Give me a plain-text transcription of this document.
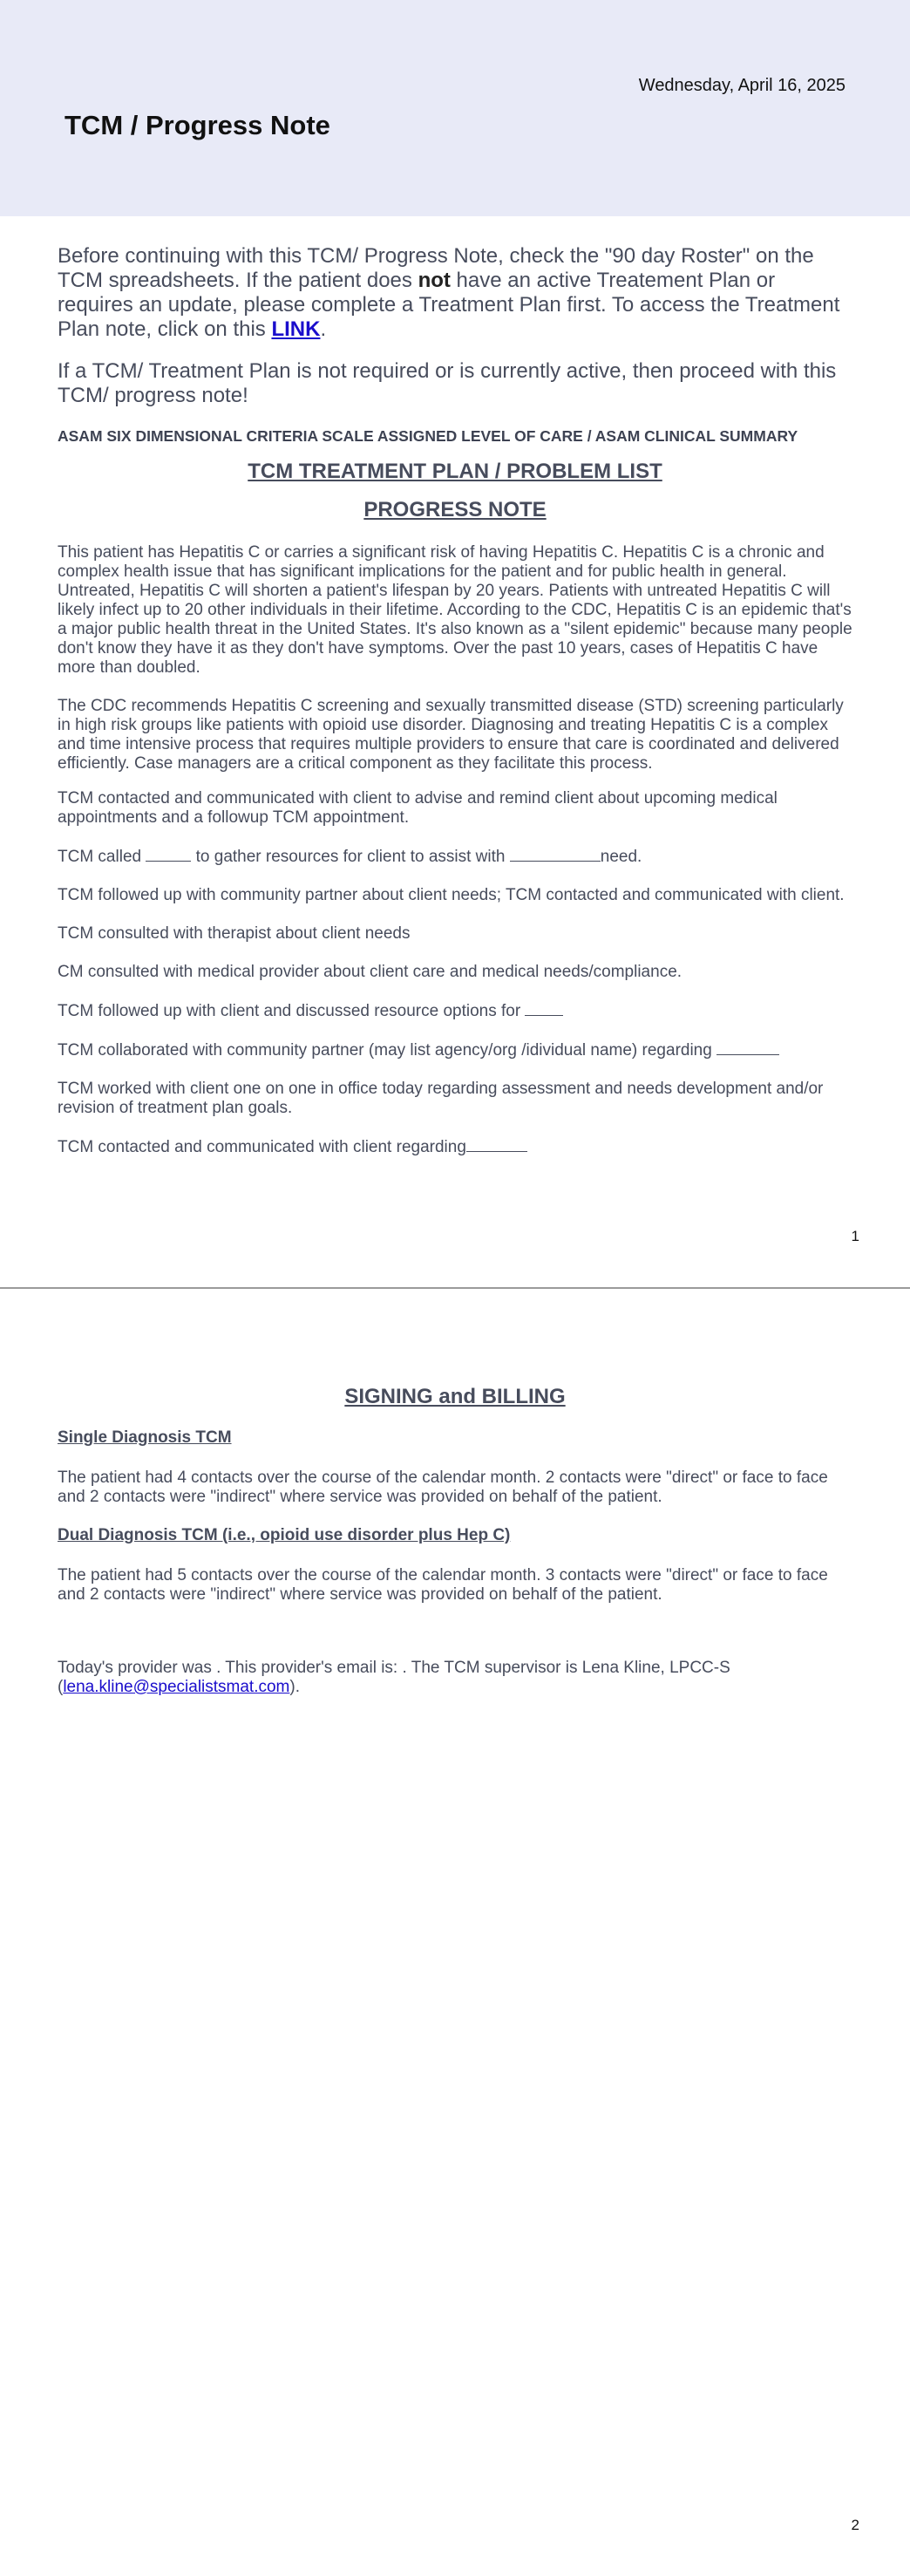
Wednesday, April 16, 2025
TCM / Progress Note

Before continuing with this TCM/ Progress Note, check the "90 day Roster" on the TCM spreadsheets. If the patient does not have an active Treatement Plan or requires an update, please complete a Treatment Plan first. To access the Treatment Plan note, click on this LINK.

If a TCM/ Treatment Plan is not required or is currently active, then proceed with this TCM/ progress note!

ASAM SIX DIMENSIONAL CRITERIA SCALE ASSIGNED LEVEL OF CARE / ASAM CLINICAL SUMMARY

TCM TREATMENT PLAN / PROBLEM LIST

PROGRESS NOTE

This patient has Hepatitis C or carries a significant risk of having Hepatitis C. Hepatitis C is a chronic and complex health issue that has significant implications for the patient and for public health in general. Untreated, Hepatitis C will shorten a patient's lifespan by 20 years. Patients with untreated Hepatitis C will likely infect up to 20 other individuals in their lifetime. According to the CDC, Hepatitis C is an epidemic that's a major public health threat in the United States. It's also known as a "silent epidemic" because many people don't know they have it as they don't have symptoms. Over the past 10 years, cases of Hepatitis C have more than doubled.

The CDC recommends Hepatitis C screening and sexually transmitted disease (STD) screening particularly in high risk groups like patients with opioid use disorder. Diagnosing and treating Hepatitis C is a complex and time intensive process that requires multiple providers to ensure that care is coordinated and delivered efficiently. Case managers are a critical component as they facilitate this process.

TCM contacted and communicated with client to advise and remind client about upcoming medical appointments and a followup TCM appointment.

TCM called	to gather resources for client to assist with	need.

TCM followed up with community partner about client needs; TCM contacted and communicated with client.

TCM consulted with therapist about client needs

CM consulted with medical provider about client care and medical needs/compliance.

TCM followed up with client and discussed resource options for

TCM collaborated with community partner (may list agency/org /idividual name) regarding

TCM worked with client one on one in office today regarding assessment and needs development and/or revision of treatment plan goals.

TCM contacted and communicated with client regarding

1

SIGNING and BILLING

Single Diagnosis TCM

The patient had 4 contacts over the course of the calendar month. 2 contacts were "direct" or face to face and 2 contacts were "indirect" where service was provided on behalf of the patient.

Dual Diagnosis TCM (i.e., opioid use disorder plus Hep C)

The patient had 5 contacts over the course of the calendar month. 3 contacts were "direct" or face to face and 2 contacts were "indirect" where service was provided on behalf of the patient.

Today's provider was . This provider's email is: . The TCM supervisor is Lena Kline, LPCC-S (lena.kline@specialistsmat.com).

2
